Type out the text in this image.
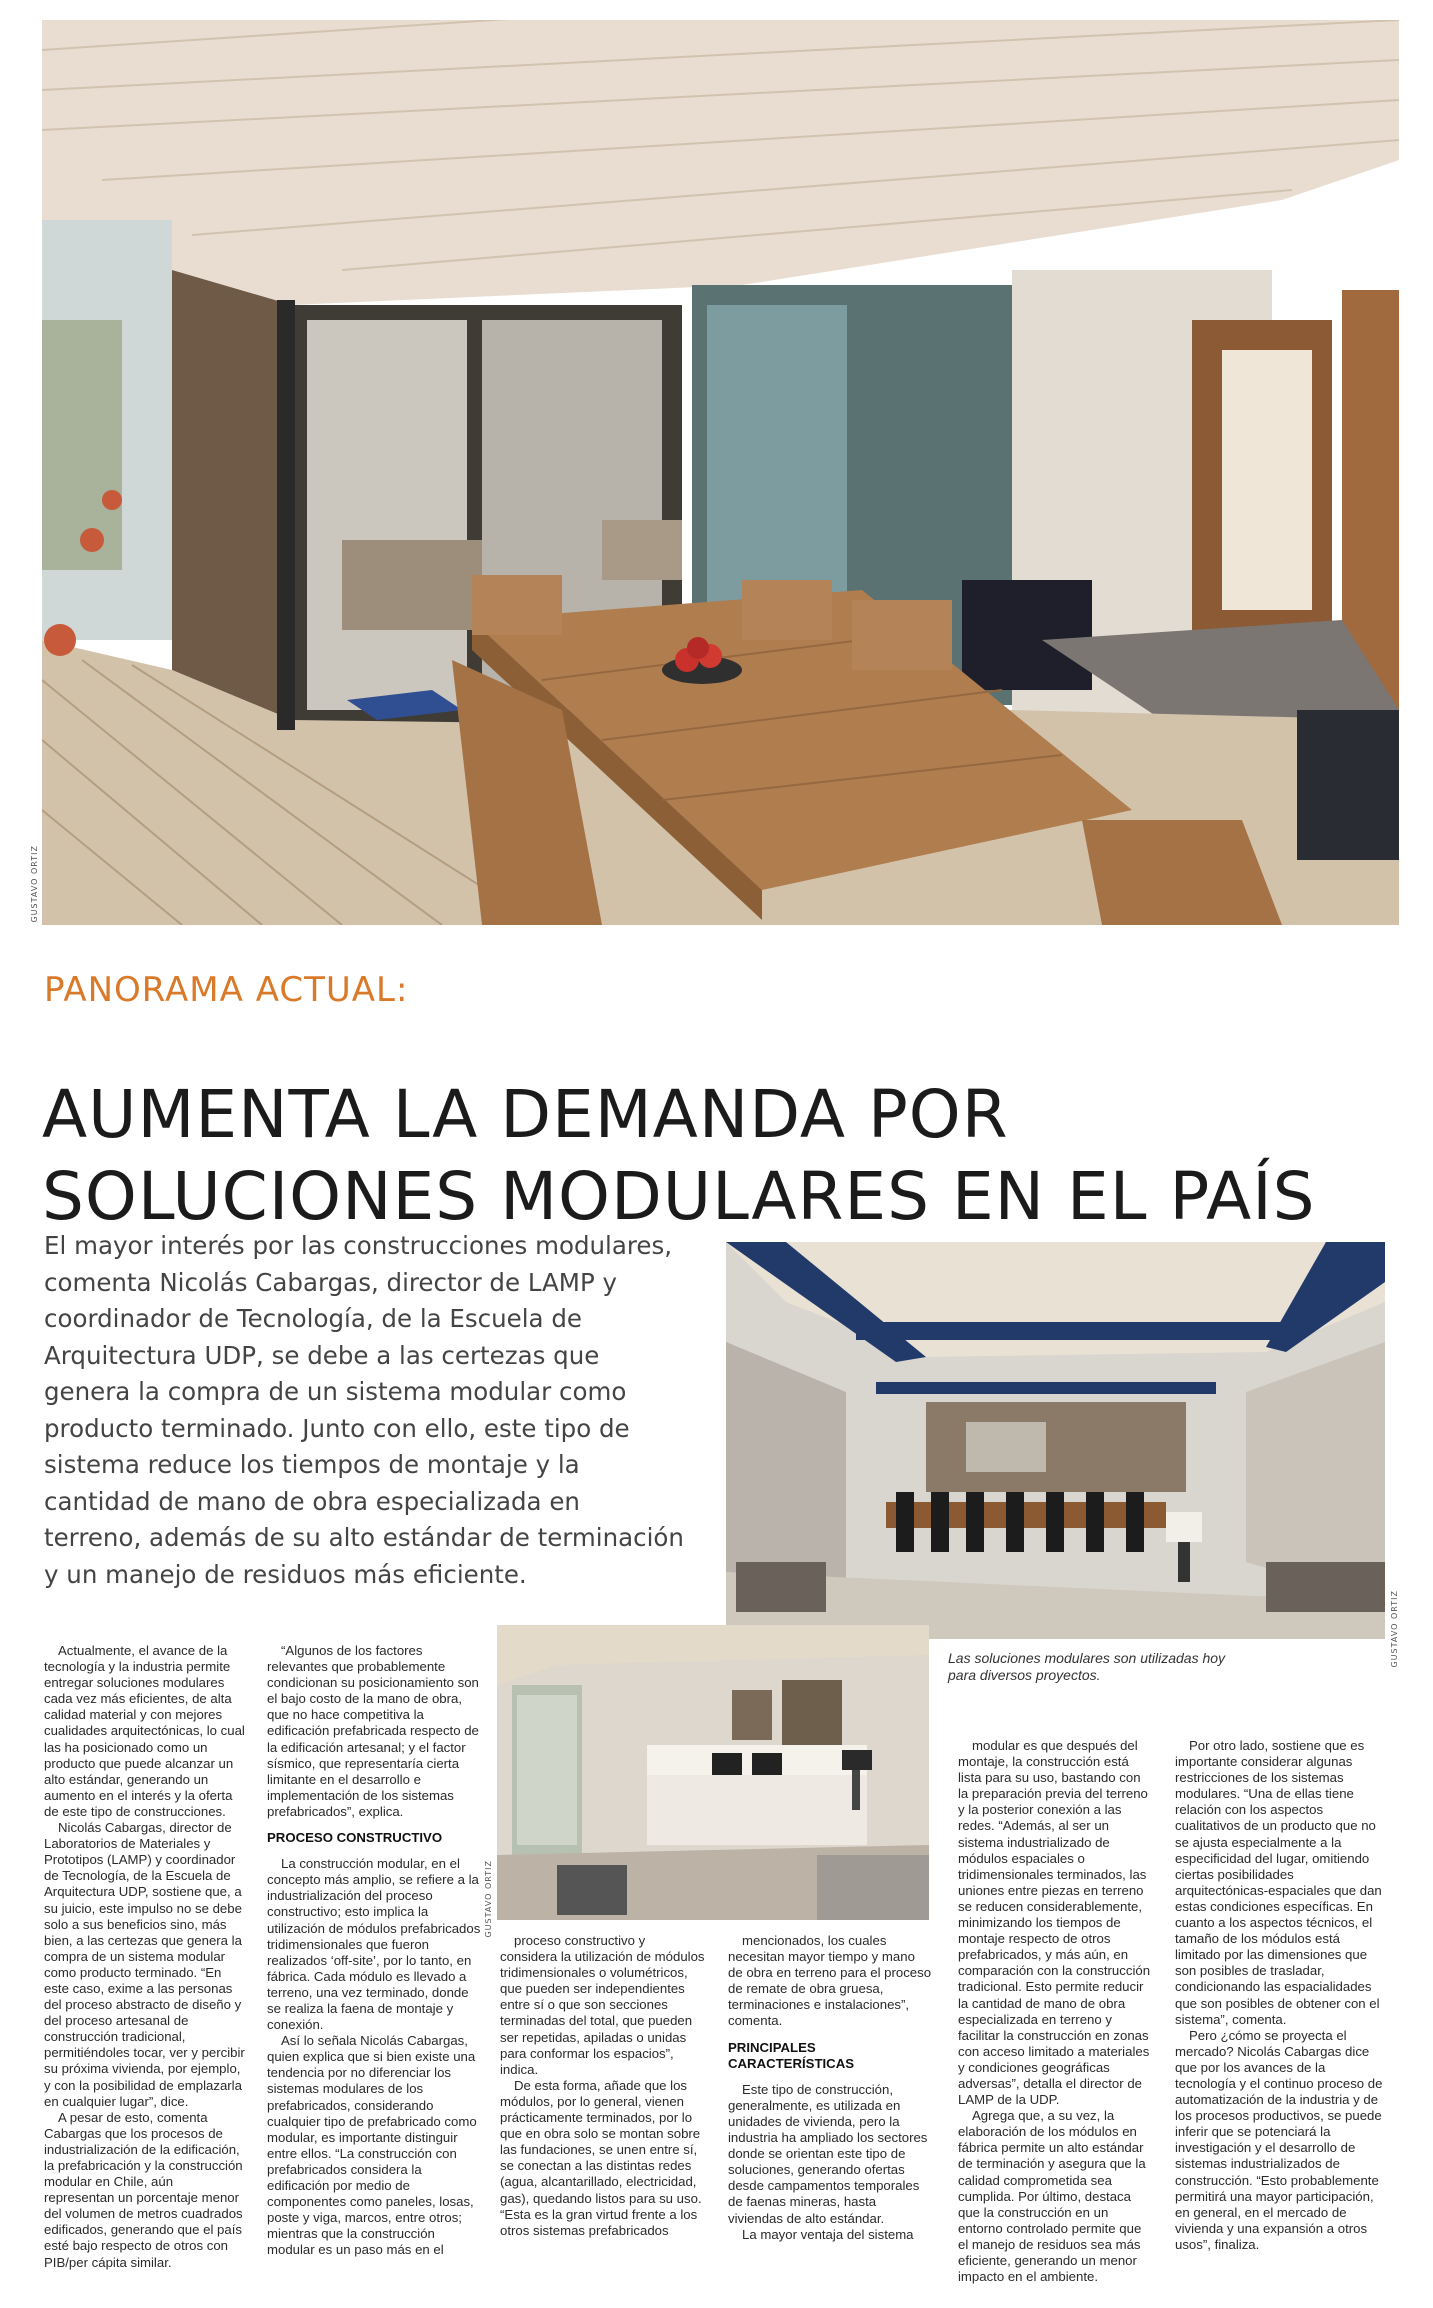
GUSTAVO ORTIZ
PANORAMA ACTUAL:
AUMENTA LA DEMANDA POR
SOLUCIONES MODULARES EN EL PAÍS
El mayor interés por las construcciones modulares, comenta Nicolás Cabargas, director de LAMP y coordinador de Tecnología, de la Escuela de Arquitectura UDP, se debe a las certezas que genera la compra de un sistema modular como producto terminado. Junto con ello, este tipo de sistema reduce los tiempos de montaje y la cantidad de mano de obra especializada en terreno, además de su alto estándar de terminación y un manejo de residuos más eficiente.
GUSTAVO ORTIZ
Las soluciones modulares son utilizadas hoy para diversos proyectos.
GUSTAVO ORTIZ

Actualmente, el avance de la tecnología y la industria permite entregar soluciones modulares cada vez más eficientes, de alta calidad material y con mejores cualidades arquitectónicas, lo cual las ha posicionado como un producto que puede alcanzar un alto estándar, generando un aumento en el interés y la oferta de este tipo de construcciones.

Nicolás Cabargas, director de Laboratorios de Materiales y Prototipos (LAMP) y coordinador de Tecnología, de la Escuela de Arquitectura UDP, sostiene que, a su juicio, este impulso no se debe solo a sus beneficios sino, más bien, a las certezas que genera la compra de un sistema modular como producto terminado. “En este caso, exime a las personas del proceso abstracto de diseño y del proceso artesanal de construcción tradicional, permitiéndoles tocar, ver y percibir su próxima vivienda, por ejemplo, y con la posibilidad de emplazarla en cualquier lugar”, dice.

A pesar de esto, comenta Cabargas que los procesos de industrialización de la edificación, la prefabricación y la construcción modular en Chile, aún representan un porcentaje menor del volumen de metros cuadrados edificados, generando que el país esté bajo respecto de otros con PIB/per cápita similar.

“Algunos de los factores relevantes que probablemente condicionan su posicionamiento son el bajo costo de la mano de obra, que no hace competitiva la edificación prefabricada respecto de la edificación artesanal; y el factor sísmico, que representaría cierta limitante en el desarrollo e implementación de los sistemas prefabricados”, explica.

PROCESO CONSTRUCTIVO

La construcción modular, en el concepto más amplio, se refiere a la industrialización del proceso constructivo; esto implica la utilización de módulos prefabricados tridimensionales que fueron realizados ‘off-site’, por lo tanto, en fábrica. Cada módulo es llevado a terreno, una vez terminado, donde se realiza la faena de montaje y conexión.

Así lo señala Nicolás Cabargas, quien explica que si bien existe una tendencia por no diferenciar los sistemas modulares de los prefabricados, considerando cualquier tipo de prefabricado como modular, es importante distinguir entre ellos. “La construcción con prefabricados considera la edificación por medio de componentes como paneles, losas, poste y viga, marcos, entre otros; mientras que la construcción modular es un paso más en el

proceso constructivo y considera la utilización de módulos tridimensionales o volumétricos, que pueden ser independientes entre sí o que son secciones terminadas del total, que pueden ser repetidas, apiladas o unidas para conformar los espacios”, indica.

De esta forma, añade que los módulos, por lo general, vienen prácticamente terminados, por lo que en obra solo se montan sobre las fundaciones, se unen entre sí, se conectan a las distintas redes (agua, alcantarillado, electricidad, gas), quedando listos para su uso. “Esta es la gran virtud frente a los otros sistemas prefabricados

mencionados, los cuales necesitan mayor tiempo y mano de obra en terreno para el proceso de remate de obra gruesa, terminaciones e instalaciones”, comenta.

PRINCIPALES CARACTERÍSTICAS

Este tipo de construcción, generalmente, es utilizada en unidades de vivienda, pero la industria ha ampliado los sectores donde se orientan este tipo de soluciones, generando ofertas desde campamentos temporales de faenas mineras, hasta viviendas de alto estándar.

La mayor ventaja del sistema

modular es que después del montaje, la construcción está lista para su uso, bastando con la preparación previa del terreno y la posterior conexión a las redes. “Además, al ser un sistema industrializado de módulos espaciales o tridimensionales terminados, las uniones entre piezas en terreno se reducen considerablemente, minimizando los tiempos de montaje respecto de otros prefabricados, y más aún, en comparación con la construcción tradicional. Esto permite reducir la cantidad de mano de obra especializada en terreno y facilitar la construcción en zonas con acceso limitado a materiales y condiciones geográficas adversas”, detalla el director de LAMP de la UDP.

Agrega que, a su vez, la elaboración de los módulos en fábrica permite un alto estándar de terminación y asegura que la calidad comprometida sea cumplida. Por último, destaca que la construcción en un entorno controlado permite que el manejo de residuos sea más eficiente, generando un menor impacto en el ambiente.

Por otro lado, sostiene que es importante considerar algunas restricciones de los sistemas modulares. “Una de ellas tiene relación con los aspectos cualitativos de un producto que no se ajusta especialmente a la especificidad del lugar, omitiendo ciertas posibilidades arquitectónicas-espaciales que dan estas condiciones específicas. En cuanto a los aspectos técnicos, el tamaño de los módulos está limitado por las dimensiones que son posibles de trasladar, condicionando las espacialidades que son posibles de obtener con el sistema”, comenta.

Pero ¿cómo se proyecta el mercado? Nicolás Cabargas dice que por los avances de la tecnología y el continuo proceso de automatización de la industria y de los procesos productivos, se puede inferir que se potenciará la investigación y el desarrollo de sistemas industrializados de construcción. “Esto probablemente permitirá una mayor participación, en general, en el mercado de vivienda y una expansión a otros usos”, finaliza.
